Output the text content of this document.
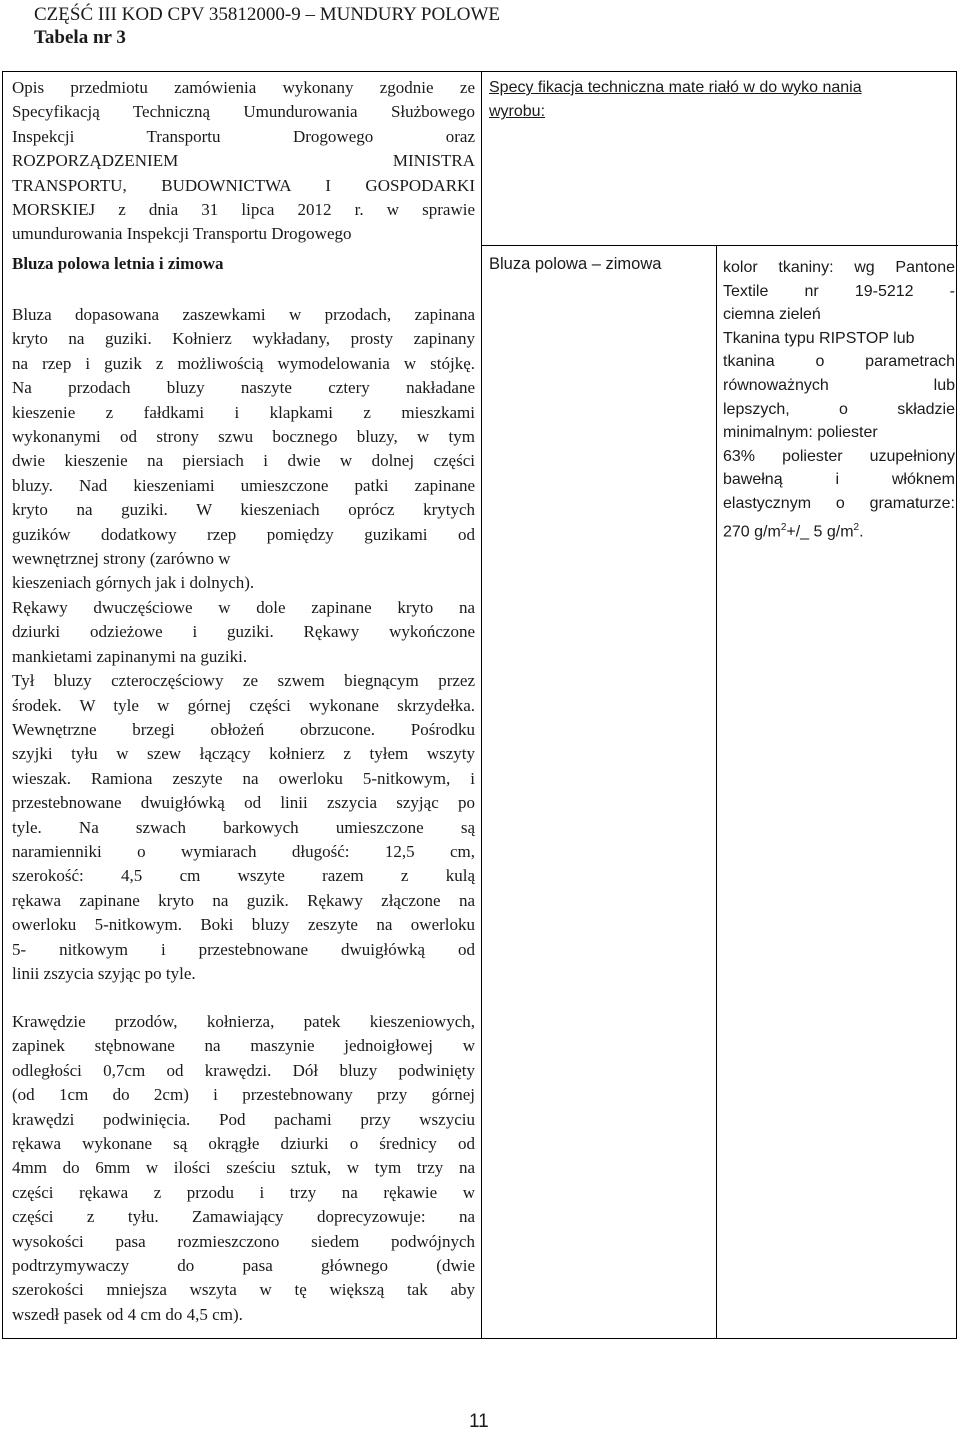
CZĘŚĆ III KOD CPV 35812000-9 – MUNDURY POLOWE
Tabela nr 3
Opis przedmiotu zamówienia wykonany zgodnie ze
Specyfikacją Techniczną Umundurowania Służbowego
Inspekcji Transportu Drogowego oraz
ROZPORZĄDZENIEM MINISTRA
TRANSPORTU, BUDOWNICTWA I GOSPODARKI
MORSKIEJ z dnia 31 lipca 2012 r. w sprawie
umundurowania Inspekcji Transportu Drogowego
Bluza polowa letnia i zimowa
Bluza dopasowana zaszewkami w przodach, zapinana
kryto na guziki. Kołnierz wykładany, prosty zapinany
na rzep i guzik z możliwością wymodelowania w stójkę.
Na przodach bluzy naszyte cztery nakładane
kieszenie z fałdkami i klapkami z mieszkami
wykonanymi od strony szwu bocznego bluzy, w tym
dwie kieszenie na piersiach i dwie w dolnej części
bluzy. Nad kieszeniami umieszczone patki zapinane
kryto na guziki. W kieszeniach oprócz krytych
guzików dodatkowy rzep pomiędzy guzikami od
wewnętrznej strony (zarówno w
kieszeniach górnych jak i dolnych).
Rękawy dwuczęściowe w dole zapinane kryto na
dziurki odzieżowe i guziki. Rękawy wykończone
mankietami zapinanymi na guziki.
Tył bluzy czteroczęściowy ze szwem biegnącym przez
środek. W tyle w górnej części wykonane skrzydełka.
Wewnętrzne brzegi obłożeń obrzucone. Pośrodku
szyjki tyłu w szew łączący kołnierz z tyłem wszyty
wieszak. Ramiona zeszyte na owerloku 5-nitkowym, i
przestebnowane dwuigłówką od linii zszycia szyjąc po
tyle. Na szwach barkowych umieszczone są
naramienniki o wymiarach długość: 12,5 cm,
szerokość: 4,5 cm wszyte razem z kulą
rękawa zapinane kryto na guzik. Rękawy złączone na
owerloku 5-nitkowym. Boki bluzy zeszyte na owerloku
5- nitkowym i przestebnowane dwuigłówką od
linii zszycia szyjąc po tyle.
Krawędzie przodów, kołnierza, patek kieszeniowych,
zapinek stębnowane na maszynie jednoigłowej w
odległości 0,7cm od krawędzi. Dół bluzy podwinięty
(od 1cm do 2cm) i przestebnowany przy górnej
krawędzi podwinięcia. Pod pachami przy wszyciu
rękawa wykonane są okrągłe dziurki o średnicy od
4mm do 6mm w ilości sześciu sztuk, w tym trzy na
części rękawa z przodu i trzy na rękawie w
części z tyłu. Zamawiający doprecyzowuje: na
wysokości pasa rozmieszczono siedem podwójnych
podtrzymywaczy do pasa głównego (dwie
szerokości mniejsza wszyta w tę większą tak aby
wszedł pasek od 4 cm do 4,5 cm).
Specy fikacja techniczna mate riałó w do wyko nania
wyrobu:
Bluza polowa – zimowa	kolor tkaniny: wg Pantone
Textile nr 19-5212 -
ciemna zieleń
Tkanina typu RIPSTOP lub
tkanina o parametrach
równoważnych lub
lepszych, o składzie
minimalnym: poliester
63% poliester uzupełniony
bawełną i włóknem
elastycznym o gramaturze:
270 $g/m^2+/\_$ 5 $g/m^2$.
11
